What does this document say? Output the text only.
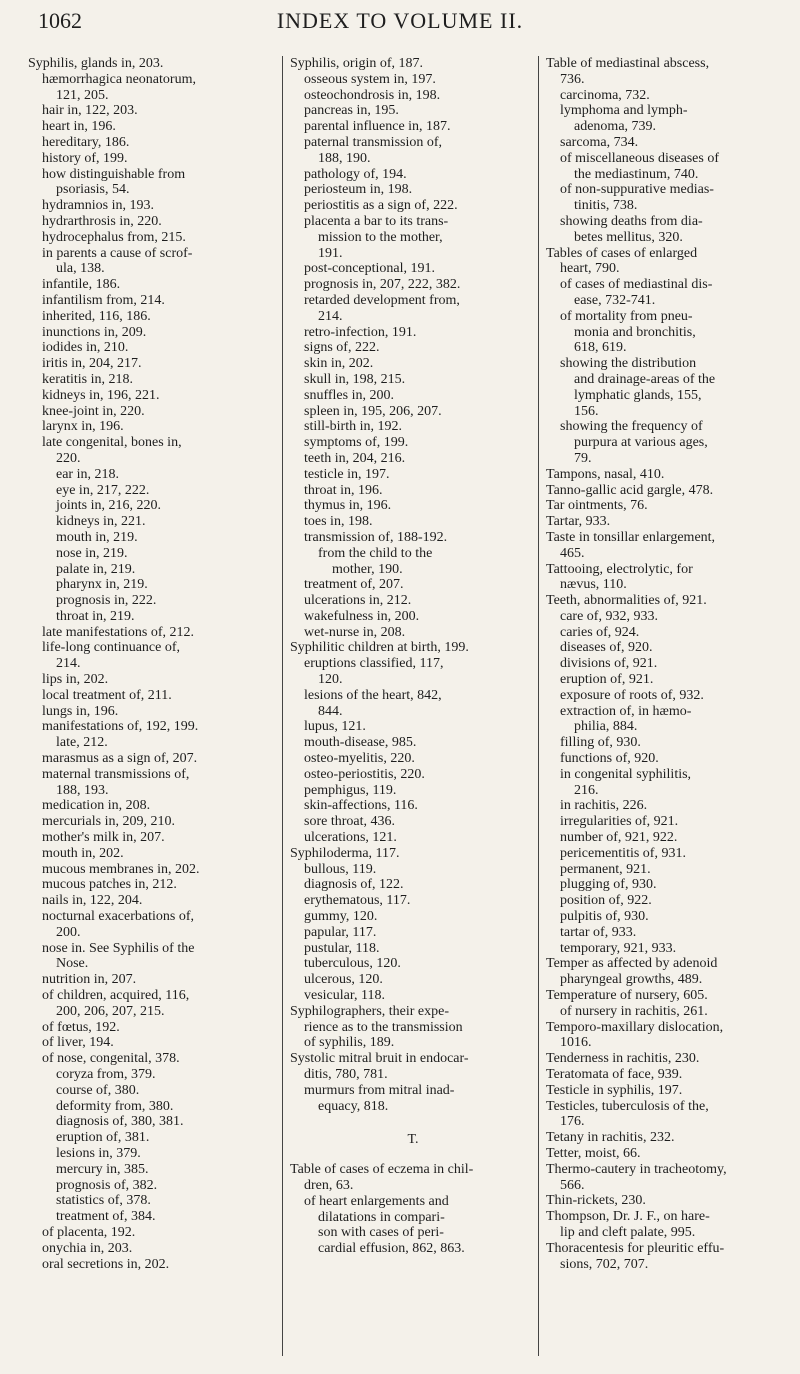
1062	INDEX TO VOLUME II.

Syphilis, glands in, 203.

hæmorrhagica neonatorum,

121, 205.

hair in, 122, 203.

heart in, 196.

hereditary, 186.

history of, 199.

how distinguishable from

psoriasis, 54.

hydramnios in, 193.

hydrarthrosis in, 220.

hydrocephalus from, 215.

in parents a cause of scrof-

ula, 138.

infantile, 186.

infantilism from, 214.

inherited, 116, 186.

inunctions in, 209.

iodides in, 210.

iritis in, 204, 217.

keratitis in, 218.

kidneys in, 196, 221.

knee-joint in, 220.

larynx in, 196.

late congenital, bones in,

220.

ear in, 218.

eye in, 217, 222.

joints in, 216, 220.

kidneys in, 221.

mouth in, 219.

nose in, 219.

palate in, 219.

pharynx in, 219.

prognosis in, 222.

throat in, 219.

late manifestations of, 212.

life-long continuance of,

214.

lips in, 202.

local treatment of, 211.

lungs in, 196.

manifestations of, 192, 199.

late, 212.

marasmus as a sign of, 207.

maternal transmissions of,

188, 193.

medication in, 208.

mercurials in, 209, 210.

mother's milk in, 207.

mouth in, 202.

mucous membranes in, 202.

mucous patches in, 212.

nails in, 122, 204.

nocturnal exacerbations of,

200.

nose in. See Syphilis of the

Nose.

nutrition in, 207.

of children, acquired, 116,

200, 206, 207, 215.

of fœtus, 192.

of liver, 194.

of nose, congenital, 378.

coryza from, 379.

course of, 380.

deformity from, 380.

diagnosis of, 380, 381.

eruption of, 381.

lesions in, 379.

mercury in, 385.

prognosis of, 382.

statistics of, 378.

treatment of, 384.

of placenta, 192.

onychia in, 203.

oral secretions in, 202.

Syphilis, origin of, 187.

osseous system in, 197.

osteochondrosis in, 198.

pancreas in, 195.

parental influence in, 187.

paternal transmission of,

188, 190.

pathology of, 194.

periosteum in, 198.

periostitis as a sign of, 222.

placenta a bar to its trans-

mission to the mother,

191.

post-conceptional, 191.

prognosis in, 207, 222, 382.

retarded development from,

214.

retro-infection, 191.

signs of, 222.

skin in, 202.

skull in, 198, 215.

snuffles in, 200.

spleen in, 195, 206, 207.

still-birth in, 192.

symptoms of, 199.

teeth in, 204, 216.

testicle in, 197.

throat in, 196.

thymus in, 196.

toes in, 198.

transmission of, 188-192.

from the child to the

mother, 190.

treatment of, 207.

ulcerations in, 212.

wakefulness in, 200.

wet-nurse in, 208.

Syphilitic children at birth, 199.

eruptions classified, 117,

120.

lesions of the heart, 842,

844.

lupus, 121.

mouth-disease, 985.

osteo-myelitis, 220.

osteo-periostitis, 220.

pemphigus, 119.

skin-affections, 116.

sore throat, 436.

ulcerations, 121.

Syphiloderma, 117.

bullous, 119.

diagnosis of, 122.

erythematous, 117.

gummy, 120.

papular, 117.

pustular, 118.

tuberculous, 120.

ulcerous, 120.

vesicular, 118.

Syphilographers, their expe-

rience as to the transmission

of syphilis, 189.

Systolic mitral bruit in endocar-

ditis, 780, 781.

murmurs from mitral inad-

equacy, 818.

T.

Table of cases of eczema in chil-

dren, 63.

of heart enlargements and

dilatations in compari-

son with cases of peri-

cardial effusion, 862, 863.

Table of mediastinal abscess,

736.

carcinoma, 732.

lymphoma and lymph-

adenoma, 739.

sarcoma, 734.

of miscellaneous diseases of

the mediastinum, 740.

of non-suppurative medias-

tinitis, 738.

showing deaths from dia-

betes mellitus, 320.

Tables of cases of enlarged

heart, 790.

of cases of mediastinal dis-

ease, 732-741.

of mortality from pneu-

monia and bronchitis,

618, 619.

showing the distribution

and drainage-areas of the

lymphatic glands, 155,

156.

showing the frequency of

purpura at various ages,

79.

Tampons, nasal, 410.

Tanno-gallic acid gargle, 478.

Tar ointments, 76.

Tartar, 933.

Taste in tonsillar enlargement,

465.

Tattooing, electrolytic, for

nævus, 110.

Teeth, abnormalities of, 921.

care of, 932, 933.

caries of, 924.

diseases of, 920.

divisions of, 921.

eruption of, 921.

exposure of roots of, 932.

extraction of, in hæmo-

philia, 884.

filling of, 930.

functions of, 920.

in congenital syphilitis,

216.

in rachitis, 226.

irregularities of, 921.

number of, 921, 922.

pericementitis of, 931.

permanent, 921.

plugging of, 930.

position of, 922.

pulpitis of, 930.

tartar of, 933.

temporary, 921, 933.

Temper as affected by adenoid

pharyngeal growths, 489.

Temperature of nursery, 605.

of nursery in rachitis, 261.

Temporo-maxillary dislocation,

1016.

Tenderness in rachitis, 230.

Teratomata of face, 939.

Testicle in syphilis, 197.

Testicles, tuberculosis of the,

176.

Tetany in rachitis, 232.

Tetter, moist, 66.

Thermo-cautery in tracheotomy,

566.

Thin-rickets, 230.

Thompson, Dr. J. F., on hare-

lip and cleft palate, 995.

Thoracentesis for pleuritic effu-

sions, 702, 707.
